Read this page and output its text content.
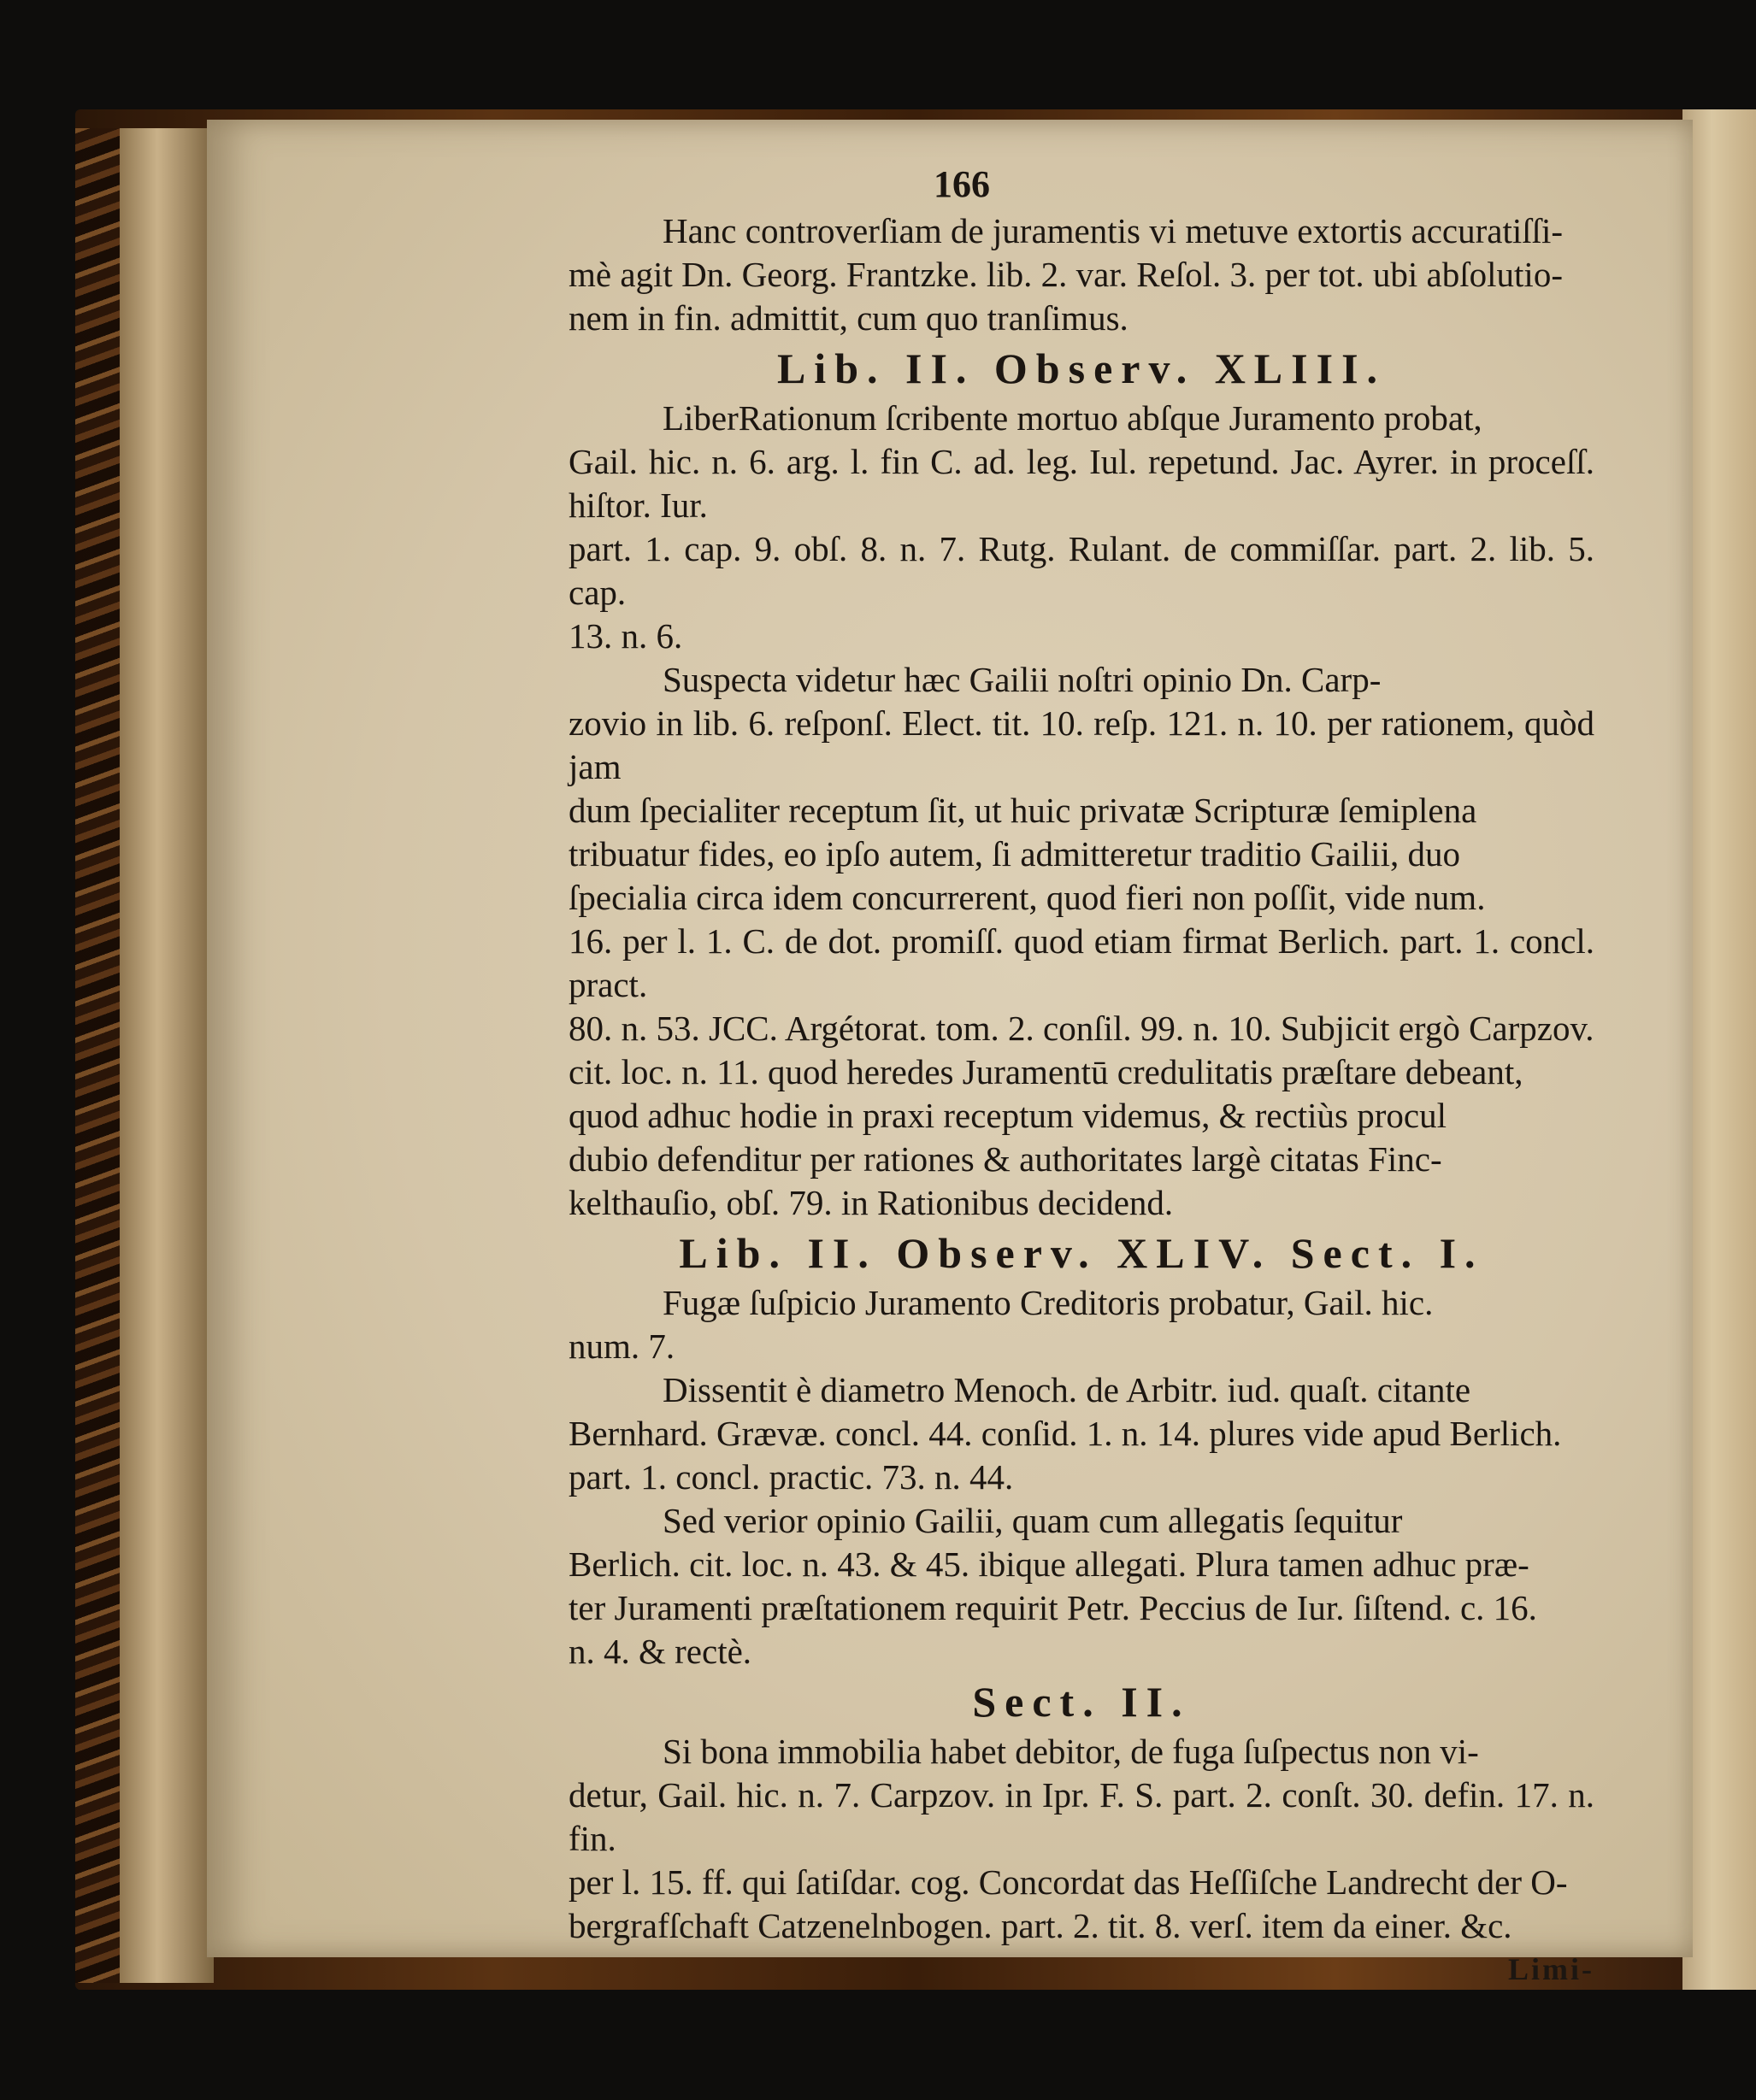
166

Hanc controverſiam de juramentis vi metuve extortis accuratiſſi-

mè agit Dn. Georg. Frantzke. lib. 2. var. Reſol. 3. per tot. ubi abſolutio-

nem in fin. admittit, cum quo tranſimus.

Lib. II. Observ. XLIII.

LiberRationum ſcribente mortuo abſque Juramento probat,

Gail. hic. n. 6. arg. l. fin C. ad. leg. Iul. repetund. Jac. Ayrer. in proceſſ. hiſtor. Iur.

part. 1. cap. 9. obſ. 8. n. 7. Rutg. Rulant. de commiſſar. part. 2. lib. 5. cap.

13. n. 6.

Suspecta videtur hæc Gailii noſtri opinio Dn. Carp-

zovio in lib. 6. reſponſ. Elect. tit. 10. reſp. 121. n. 10. per rationem, quòd jam

dum ſpecialiter receptum ſit, ut huic privatæ Scripturæ ſemiplena

tribuatur fides, eo ipſo autem, ſi admitteretur traditio Gailii, duo

ſpecialia circa idem concurrerent, quod fieri non poſſit, vide num.

16. per l. 1. C. de dot. promiſſ. quod etiam firmat Berlich. part. 1. concl. pract.

80. n. 53. JCC. Argétorat. tom. 2. conſil. 99. n. 10. Subjicit ergò Carpzov.

cit. loc. n. 11. quod heredes Juramentū credulitatis præſtare debeant,

quod adhuc hodie in praxi receptum videmus, & rectiùs procul

dubio defenditur per rationes & authoritates largè citatas Finc-

kelthauſio, obſ. 79. in Rationibus decidend.

Lib. II. Observ. XLIV. Sect. I.

Fugæ ſuſpicio Juramento Creditoris probatur, Gail. hic.

num. 7.

Dissentit è diametro Menoch. de Arbitr. iud. quaſt. citante

Bernhard. Grævæ. concl. 44. conſid. 1. n. 14. plures vide apud Berlich.

part. 1. concl. practic. 73. n. 44.

Sed verior opinio Gailii, quam cum allegatis ſequitur

Berlich. cit. loc. n. 43. & 45. ibique allegati. Plura tamen adhuc præ-

ter Juramenti præſtationem requirit Petr. Peccius de Iur. ſiſtend. c. 16.

n. 4. & rectè.

Sect. II.

Si bona immobilia habet debitor, de fuga ſuſpectus non vi-

detur, Gail. hic. n. 7. Carpzov. in Ipr. F. S. part. 2. conſt. 30. defin. 17. n. fin.

per l. 15. ff. qui ſatiſdar. cog. Concordat das Heſſiſche Landrecht der O-

bergrafſchaft Catzenelnbogen. part. 2. tit. 8. verſ. item da einer. &c.

Limi-
